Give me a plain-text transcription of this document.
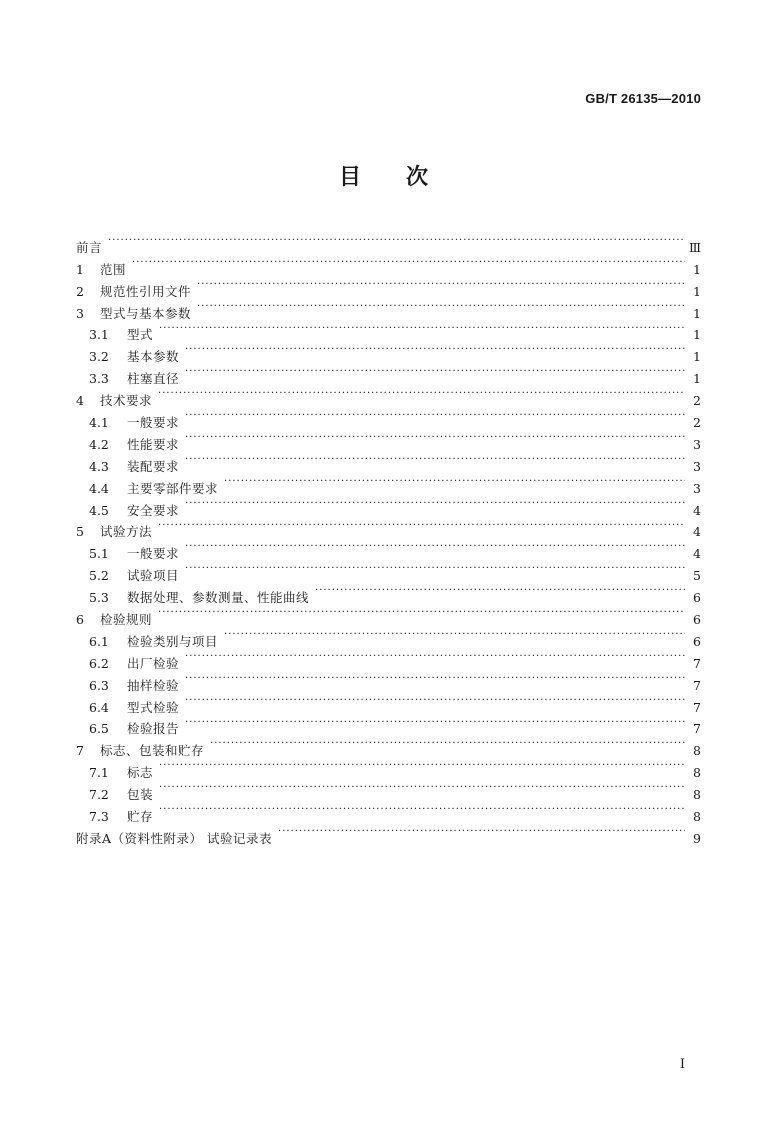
GB/T 26135—2010
目 次
前言 ·····	Ⅲ
1	范围 ·····	1
2	规范性引用文件 ·····	1
3	型式与基本参数 ·····	1
3.1	型式 ·····	1
3.2	基本参数 ·····	1
3.3	柱塞直径 ·····	1
4	技术要求 ·····	2
4.1	一般要求 ·····	2
4.2	性能要求 ·····	3
4.3	装配要求 ·····	3
4.4	主要零部件要求 ·····	3
4.5	安全要求 ·····	4
5	试验方法 ·····	4
5.1	一般要求 ·····	4
5.2	试验项目 ·····	5
5.3	数据处理、参数测量、性能曲线 ·····	6
6	检验规则 ·····	6
6.1	检验类别与项目 ·····	6
6.2	出厂检验 ·····	7
6.3	抽样检验 ·····	7
6.4	型式检验 ·····	7
6.5	检验报告 ·····	7
7	标志、包装和贮存 ·····	8
7.1	标志 ·····	8
7.2	包装 ·····	8
7.3	贮存 ·····	8
附录A（资料性附录） 试验记录表 ·····	9
I
